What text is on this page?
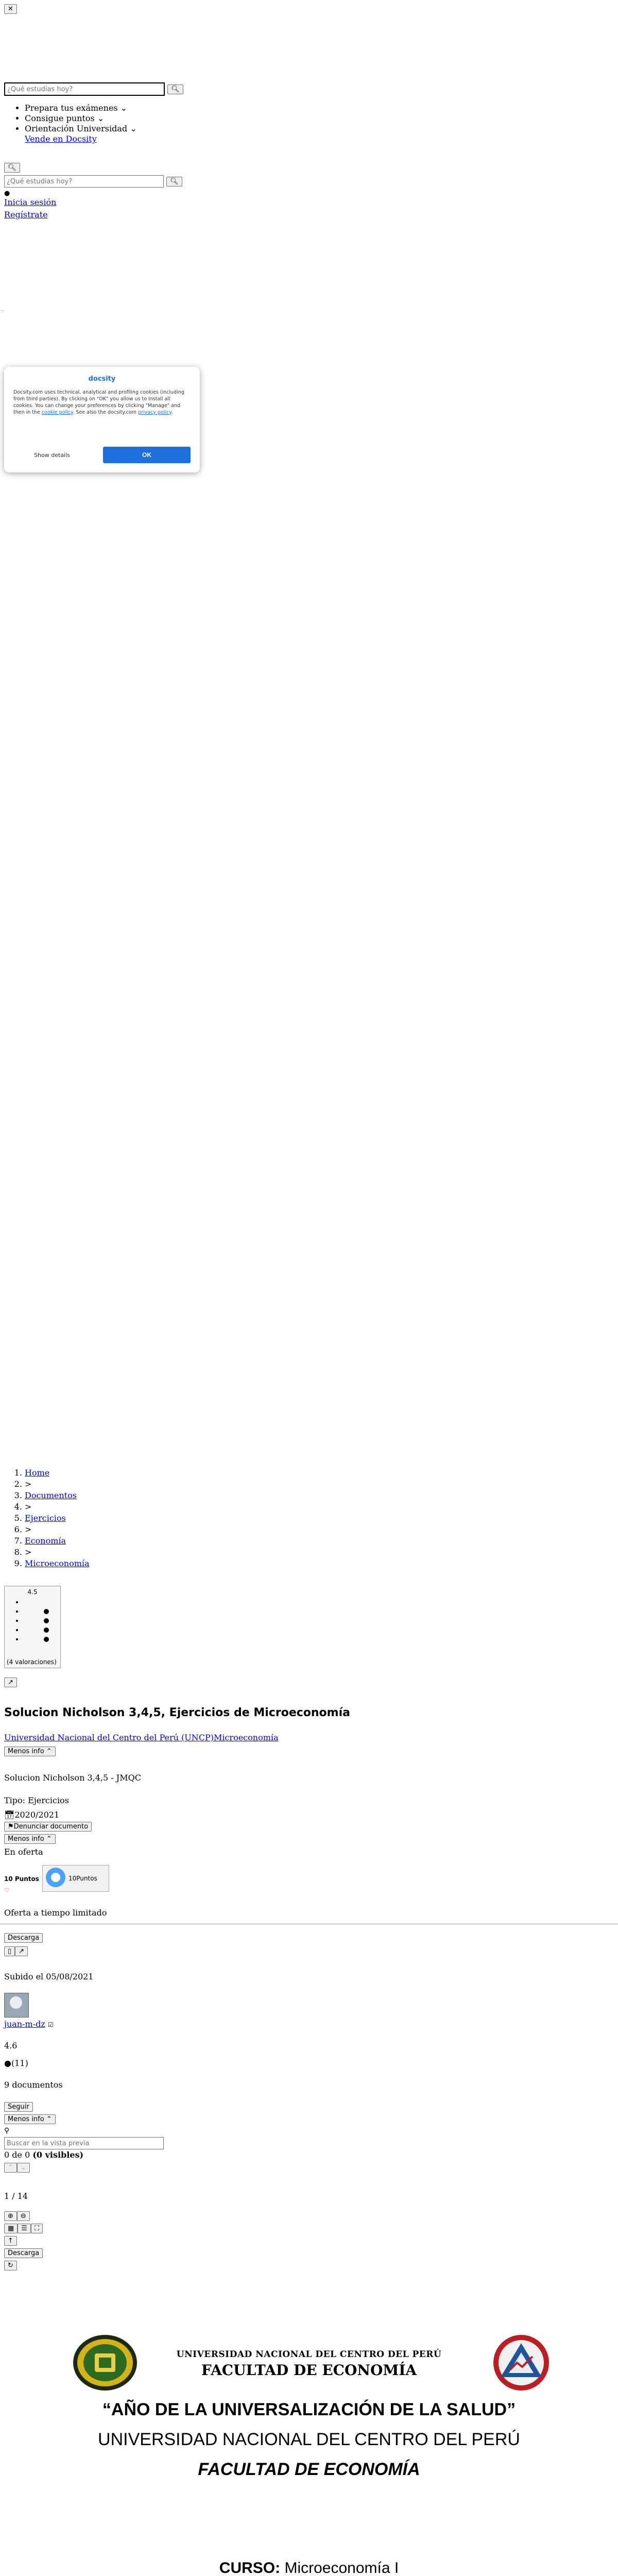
✕
¿Qué estudias hoy? 🔍︎
• Prepara tus exámenes ⌄
• Consigue puntos ⌄
• Orientación Universidad ⌄
Vende en Docsity
¿Qué estudias hoy? 🔍︎
🔍︎
●
Inicia sesión
Regístrate
.
docsity
Docsity.com uses technical, analytical and profiling cookies (including from third parties). By clicking on "OK" you allow us to install all cookies. You can change your preferences by clicking "Manage" and then in the cookie policy. See also the docsity.com privacy policy.
Show details	OK
1. Home
2. >
3. Documentos
4. >
5. Ejercicios
6. >
7. Economía
8. >
9. Microeconomía
4.5
•
•
•
•
•
(4 valoraciones)
↗
Solucion Nicholson 3,4,5, Ejercicios de Microeconomía
Universidad Nacional del Centro del Perú (UNCP)Microeconomía
Menos info ⌃
Solucion Nicholson 3,4,5 - JMQC
Tipo: Ejercicios
📅︎2020/2021
⚑Denunciar documento
Menos info ⌃
En oferta
10 Puntos	10Puntos
♡
Oferta a tiempo limitado
Descarga
▯ ↗
Subido el 05/08/2021
juan-m-dz ☑
4.6
●(11)
9 documentos
Seguir
Menos info ⌃
⚲
Buscar en la vista previa
0 de 0 (0 visibles)
⌃ ⌄
1 / 14
⊕ ⊖
▦ ☰ ⛶
↑
Descarga
↻
UNIVERSIDAD NACIONAL DEL CENTRO DEL PERÚ
FACULTAD DE ECONOMÍA
“AÑO DE LA UNIVERSALIZACIÓN DE LA SALUD”
UNIVERSIDAD NACIONAL DEL CENTRO DEL PERÚ
FACULTAD DE ECONOMÍA
CURSO: Microeconomía I
